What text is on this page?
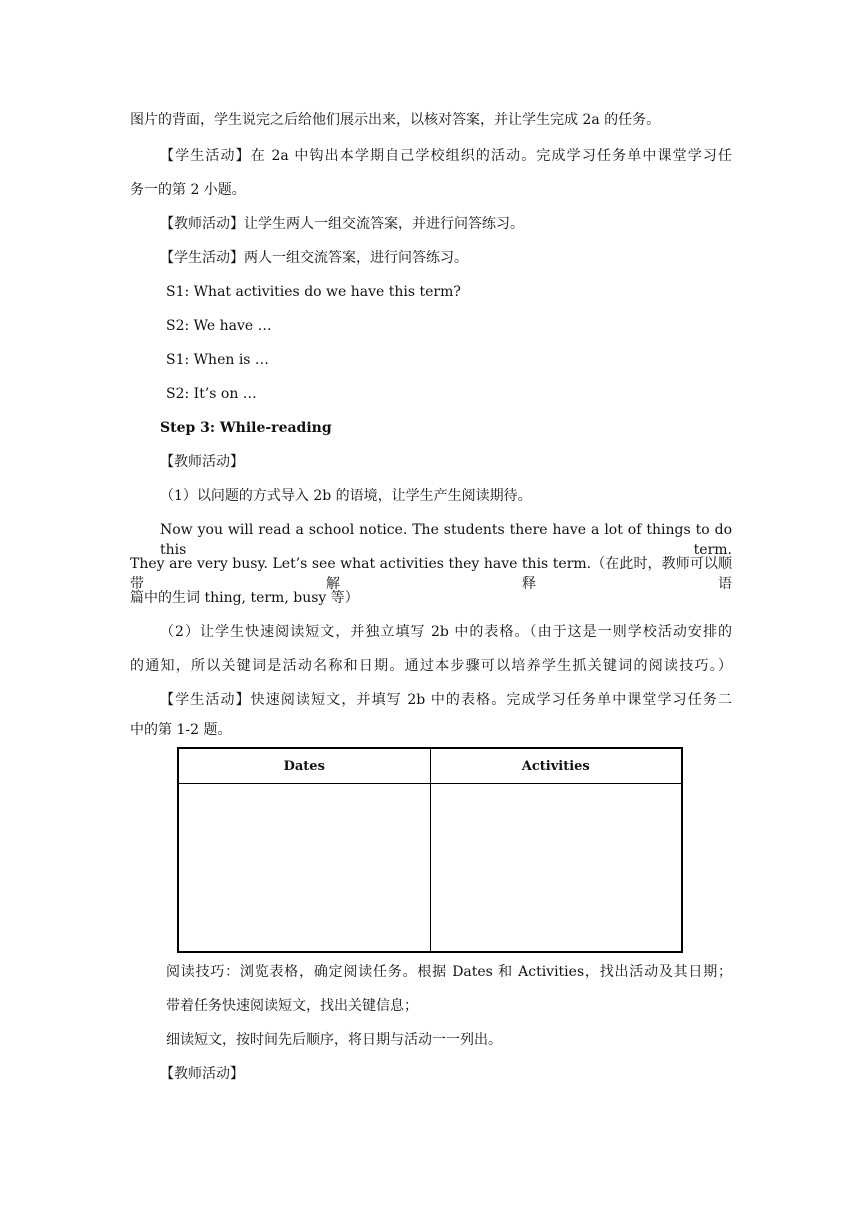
图片的背面，学生说完之后给他们展示出来，以核对答案，并让学生完成 2a 的任务。
【学生活动】在 2a 中钩出本学期自己学校组织的活动。完成学习任务单中课堂学习任
务一的第 2 小题。
【教师活动】让学生两人一组交流答案，并进行问答练习。
【学生活动】两人一组交流答案，进行问答练习。
S1: What activities do we have this term?
S2: We have …
S1: When is …
S2: It’s on …
Step 3: While-reading
【教师活动】
（1）以问题的方式导入 2b 的语境，让学生产生阅读期待。
Now you will read a school notice. The students there have a lot of things to do this term.
They are very busy. Let’s see what activities they have this term.（在此时，教师可以顺带解释语
篇中的生词 thing, term, busy 等）
（2）让学生快速阅读短文，并独立填写 2b 中的表格。（由于这是一则学校活动安排的
的通知，所以关键词是活动名称和日期。通过本步骤可以培养学生抓关键词的阅读技巧。）
【学生活动】快速阅读短文，并填写 2b 中的表格。完成学习任务单中课堂学习任务二
中的第 1-2 题。
Dates	Activities

阅读技巧：浏览表格，确定阅读任务。根据 Dates 和 Activities，找出活动及其日期；
带着任务快速阅读短文，找出关键信息；
细读短文，按时间先后顺序，将日期与活动一一列出。
【教师活动】
